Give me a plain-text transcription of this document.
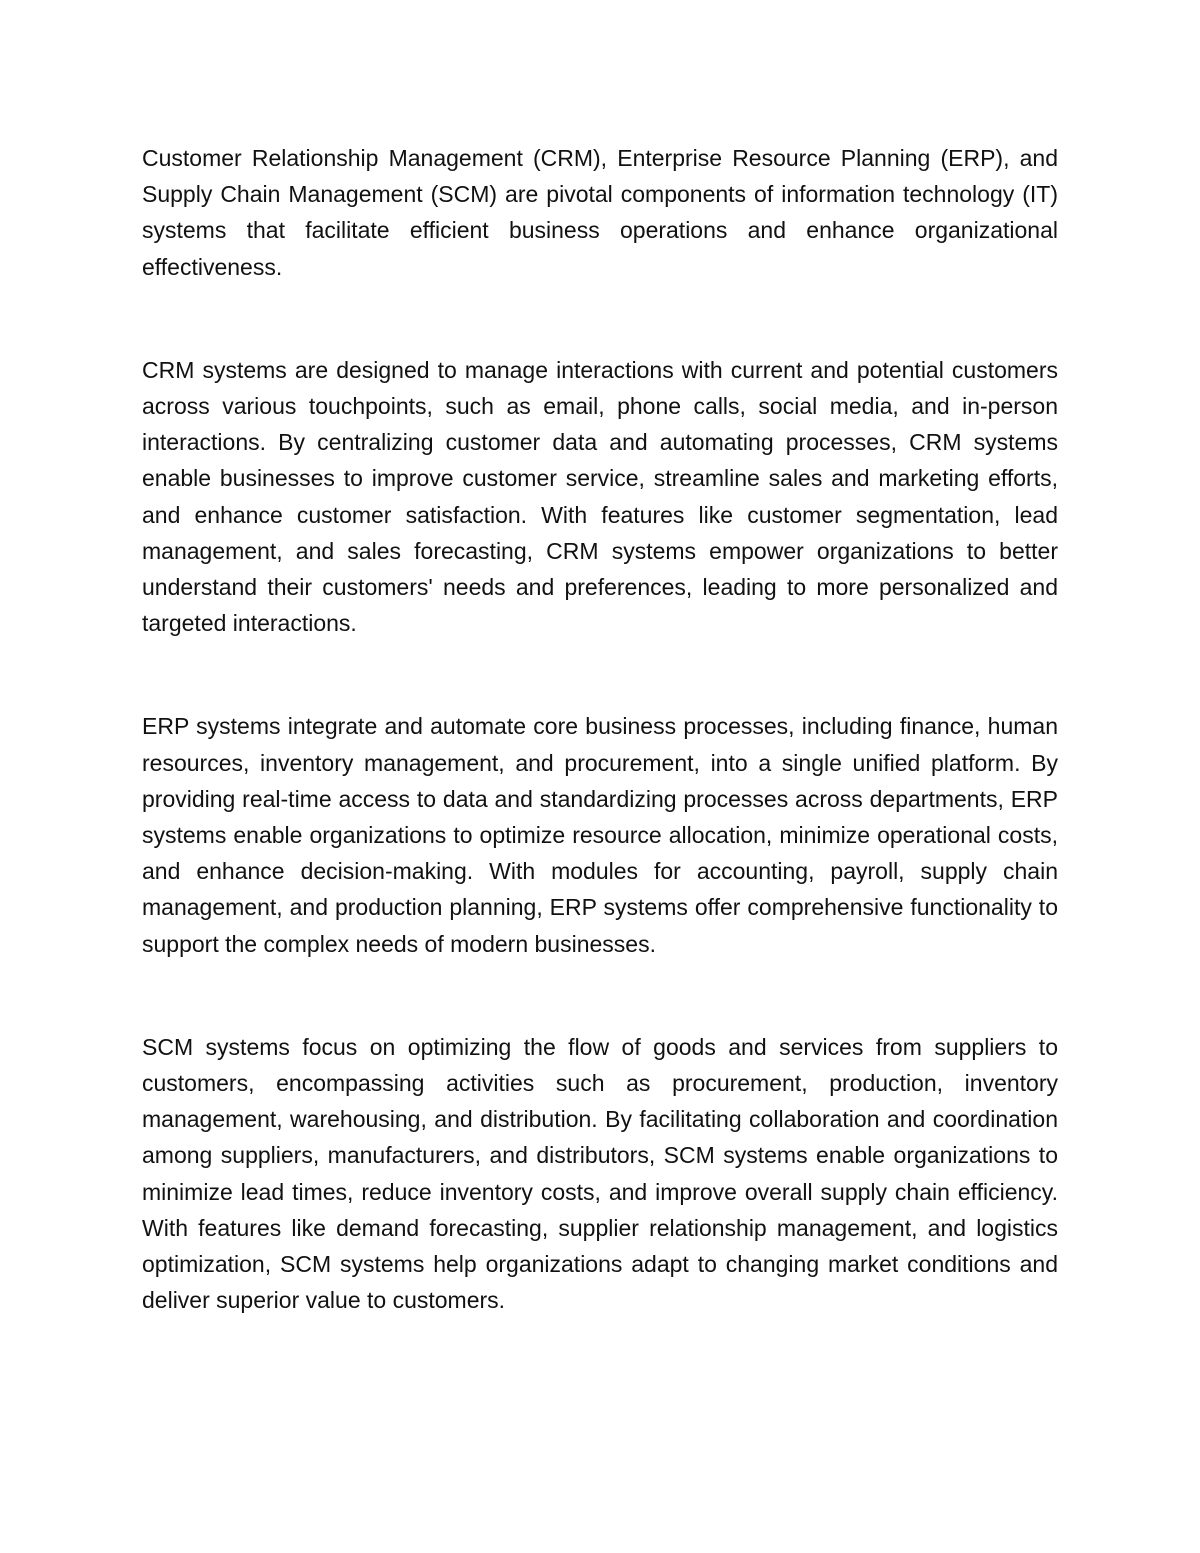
Customer Relationship Management (CRM), Enterprise Resource Planning (ERP), and Supply Chain Management (SCM) are pivotal components of information technology (IT) systems that facilitate efficient business operations and enhance organizational effectiveness.

CRM systems are designed to manage interactions with current and potential customers across various touchpoints, such as email, phone calls, social media, and in-person interactions. By centralizing customer data and automating processes, CRM systems enable businesses to improve customer service, streamline sales and marketing efforts, and enhance customer satisfaction. With features like customer segmentation, lead management, and sales forecasting, CRM systems empower organizations to better understand their customers' needs and preferences, leading to more personalized and targeted interactions.

ERP systems integrate and automate core business processes, including finance, human resources, inventory management, and procurement, into a single unified platform. By providing real-time access to data and standardizing processes across departments, ERP systems enable organizations to optimize resource allocation, minimize operational costs, and enhance decision-making. With modules for accounting, payroll, supply chain management, and production planning, ERP systems offer comprehensive functionality to support the complex needs of modern businesses.

SCM systems focus on optimizing the flow of goods and services from suppliers to customers, encompassing activities such as procurement, production, inventory management, warehousing, and distribution. By facilitating collaboration and coordination among suppliers, manufacturers, and distributors, SCM systems enable organizations to minimize lead times, reduce inventory costs, and improve overall supply chain efficiency. With features like demand forecasting, supplier relationship management, and logistics optimization, SCM systems help organizations adapt to changing market conditions and deliver superior value to customers.
